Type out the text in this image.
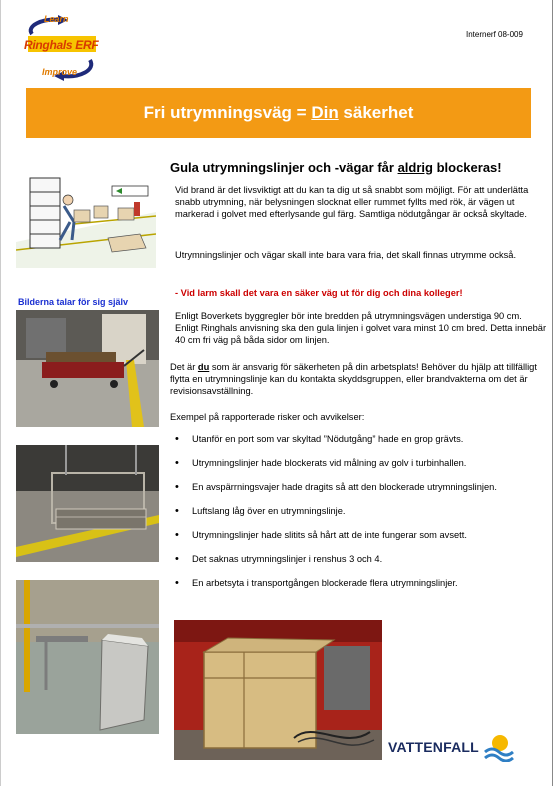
Learn
Ringhals ERF
Improve
Internerf 08-009
Fri utrymningsväg = Din säkerhet
Gula utrymningslinjer och -vägar får aldrig blockeras!

Vid brand är det livsviktigt att du kan ta dig ut så snabbt som möjligt. För att underlätta snabb utrymning, när belysningen slocknat eller rummet fyllts med rök, är vägen ut markerad i golvet med efterlysande gul färg. Samtliga nödutgångar är också skyltade.

Utrymningslinjer och vägar skall inte bara vara fria, det skall finnas utrymme också.

- Vid larm skall det vara en säker väg ut för dig och dina kolleger!

Bilderna talar för sig själv

Enligt Boverkets byggregler bör inte bredden på utrymningsvägen understiga 90 cm. Enligt Ringhals anvisning ska den gula linjen i golvet vara minst 10 cm bred. Detta innebär 40 cm fri väg på båda sidor om linjen.

Det är du som är ansvarig för säkerheten på din arbetsplats! Behöver du hjälp att tillfälligt flytta en utrymningslinje kan du kontakta skyddsgruppen, eller brandvakterna om det är revisionsavställning.

Exempel på rapporterade risker och avvikelser:

• Utanför en port som var skyltad ”Nödutgång” hade en grop grävts.
• Utrymningslinjer hade blockerats vid målning av golv i turbinhallen.
• En avspärrningsvajer hade dragits så att den blockerade utrymningslinjen.
• Luftslang låg över en utrymningslinje.
• Utrymningslinjer hade slitits så hårt att de inte fungerar som avsett.
• Det saknas utrymningslinjer i renshus 3 och 4.
• En arbetsyta i transportgången blockerade flera utrymningslinjer.
VATTENFALL
